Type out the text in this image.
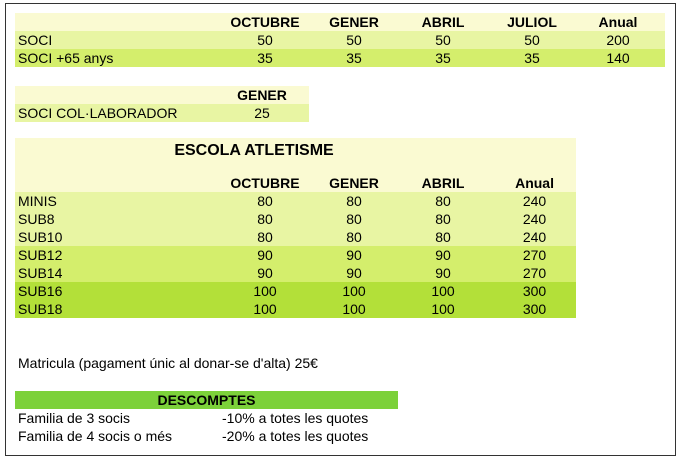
	OCTUBRE	GENER	ABRIL	JULIOL	Anual
SOCI	50	50	50	50	200
SOCI +65 anys	35	35	35	35	140
	GENER
SOCI COL·LABORADOR	25
ESCOLA ATLETISME				

	OCTUBRE	GENER	ABRIL	Anual
MINIS	80	80	80	240
SUB8	80	80	80	240
SUB10	80	80	80	240
SUB12	90	90	90	270
SUB14	90	90	90	270
SUB16	100	100	100	300
SUB18	100	100	100	300
Matricula (pagament únic al donar-se d'alta) 25€
DESCOMPTES
Familia de 3 socis	-10% a totes les quotes
Familia de 4 socis o més	-20% a totes les quotes
